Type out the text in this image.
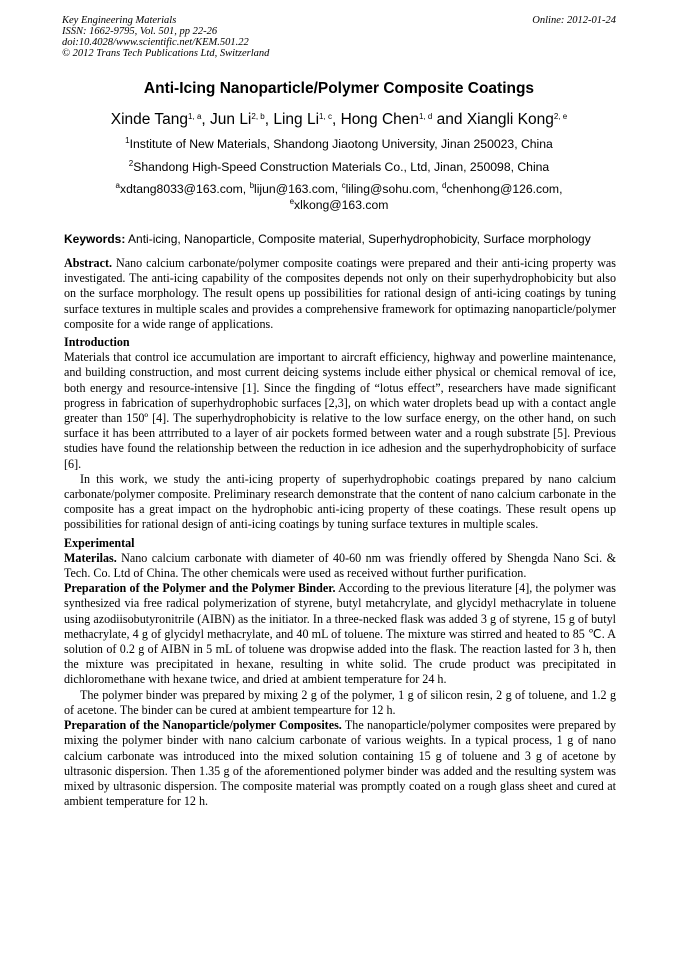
Key Engineering Materials
ISSN: 1662-9795, Vol. 501, pp 22-26
doi:10.4028/www.scientific.net/KEM.501.22
© 2012 Trans Tech Publications Ltd, Switzerland
Online: 2012-01-24
Anti-Icing Nanoparticle/Polymer Composite Coatings
Xinde Tang$^{1, a}$, Jun Li$^{2, b}$, Ling Li$^{1, c}$, Hong Chen$^{1, d}$ and Xiangli Kong$^{2, e}$
$^1$Institute of New Materials, Shandong Jiaotong University, Jinan 250023, China
$^2$Shandong High-Speed Construction Materials Co., Ltd, Jinan, 250098, China
$^a$xdtang8033@163.com, $^b$lijun@163.com, $^c$liling@sohu.com, $^d$chenhong@126.com,
$^e$xlkong@163.com
Keywords: Anti-icing, Nanoparticle, Composite material, Superhydrophobicity, Surface morphology

Abstract. Nano calcium carbonate/polymer composite coatings were prepared and their anti-icing property was investigated. The anti-icing capability of the composites depends not only on their superhydrophobicity but also on the surface morphology. The result opens up possibilities for rational design of anti-icing coatings by tuning surface textures in multiple scales and provides a comprehensive framework for optimazing nanoparticle/polymer composite for a wide range of applications.

Introduction

Materials that control ice accumulation are important to aircraft efficiency, highway and powerline maintenance, and building construction, and most current deicing systems include either physical or chemical removal of ice, both energy and resource-intensive [1]. Since the fingding of “lotus effect”, researchers have made significant progress in fabrication of superhydrophobic surfaces [2,3], on which water droplets bead up with a contact angle greater than 150º [4]. The superhydrophobicity is relative to the low surface energy, on the other hand, on such surface it has been attrributed to a layer of air pockets formed between water and a rough substrate [5]. Previous studies have found the relationship between the reduction in ice adhesion and the superhydrophobicity of surface [6].

In this work, we study the anti-icing property of superhydrophobic coatings prepared by nano calcium carbonate/polymer composite. Preliminary research demonstrate that the content of nano calcium carbonate in the composite has a great impact on the hydrophobic anti-icing property of these coatings. These result opens up possibilities for rational design of anti-icing coatings by tuning surface textures in multiple scales.

Experimental

Materilas. Nano calcium carbonate with diameter of 40-60 nm was friendly offered by Shengda Nano Sci. & Tech. Co. Ltd of China. The other chemicals were used as received without further purification.

Preparation of the Polymer and the Polymer Binder. According to the previous literature [4], the polymer was synthesized via free radical polymerization of styrene, butyl metahcrylate, and glycidyl methacrylate in toluene using azodiisobutyronitrile (AIBN) as the initiator. In a three-necked flask was added 3 g of styrene, 15 g of butyl methacrylate, 4 g of glycidyl methacrylate, and 40 mL of toluene. The mixture was stirred and heated to 85 ℃. A solution of 0.2 g of AIBN in 5 mL of toluene was dropwise added into the flask. The reaction lasted for 3 h, then the mixture was precipitated in hexane, resulting in white solid. The crude product was precipitated in dichloromethane with hexane twice, and dried at ambient temperature for 24 h.

The polymer binder was prepared by mixing 2 g of the polymer, 1 g of silicon resin, 2 g of toluene, and 1.2 g of acetone. The binder can be cured at ambient tempearture for 12 h.

Preparation of the Nanoparticle/polymer Composites. The nanoparticle/polymer composites were prepared by mixing the polymer binder with nano calcium carbonate of various weights. In a typical process, 1 g of nano calcium carbonate was introduced into the mixed solution containing 15 g of toluene and 3 g of acetone by ultrasonic dispersion. Then 1.35 g of the aforementioned polymer binder was added and the resulting system was mixed by ultrasonic dispersion. The composite material was promptly coated on a rough glass sheet and cured at ambient temperature for 12 h.
